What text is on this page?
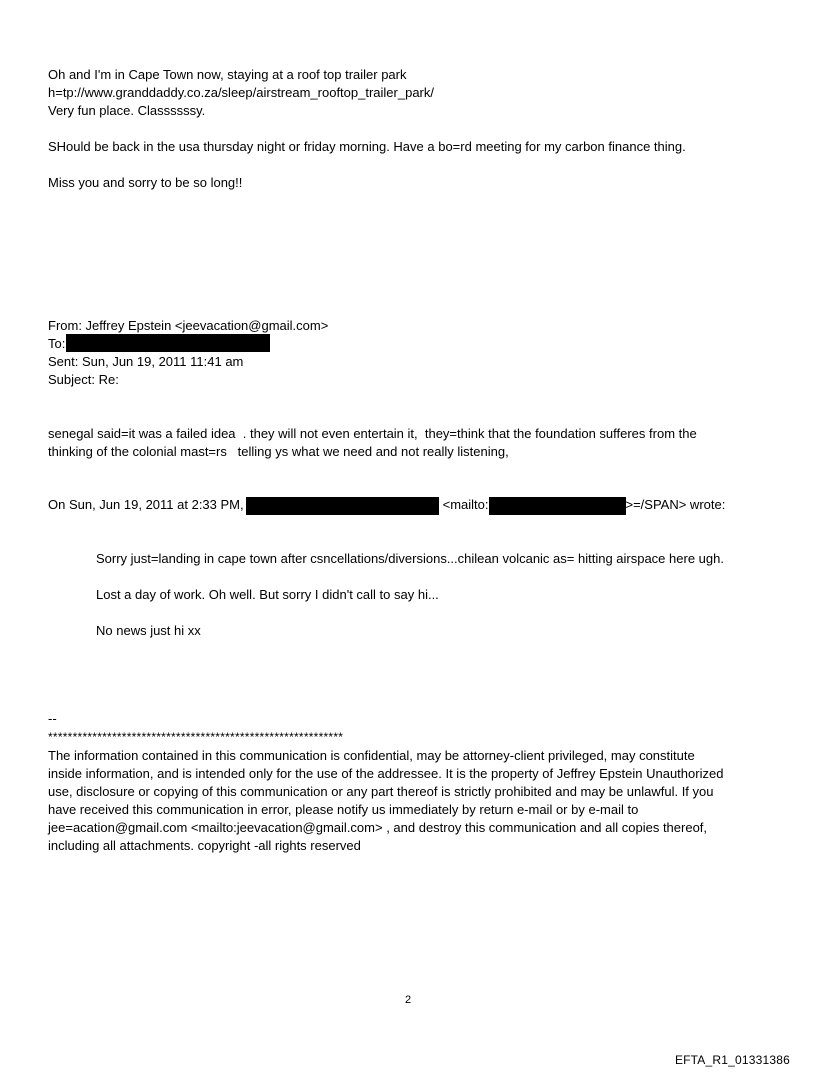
Oh and I'm in Cape Town now, staying at a roof top trailer park
h=tp://www.granddaddy.co.za/sleep/airstream_rooftop_trailer_park/
Very fun place. Classssssy.
SHould be back in the usa thursday night or friday morning. Have a bo=rd meeting for my carbon finance thing.
Miss you and sorry to be so long!!
From: Jeffrey Epstein <jeevacation@gmail.com>
To:
Sent: Sun, Jun 19, 2011 11:41 am
Subject: Re:
senegal said=it was a failed idea  . they will not even entertain it,  they=think that the foundation sufferes from the
thinking of the colonial mast=rs   telling ys what we need and not really listening,
On Sun, Jun 19, 2011 at 2:33 PM,	<mailto:	>=/SPAN> wrote:
Sorry just=landing in cape town after csncellations/diversions...chilean volcanic as= hitting airspace here ugh.
Lost a day of work. Oh well. But sorry I didn't call to say hi...
No news just hi xx
--
************************************************************
The information contained in this communication is confidential, may be attorney-client privileged, may constitute
inside information, and is intended only for the use of the addressee. It is the property of Jeffrey Epstein Unauthorized
use, disclosure or copying of this communication or any part thereof is strictly prohibited and may be unlawful. If you
have received this communication in error, please notify us immediately by return e-mail or by e-mail to
jee=acation@gmail.com <mailto:jeevacation@gmail.com> , and destroy this communication and all copies thereof,
including all attachments. copyright -all rights reserved
2
EFTA_R1_01331386
